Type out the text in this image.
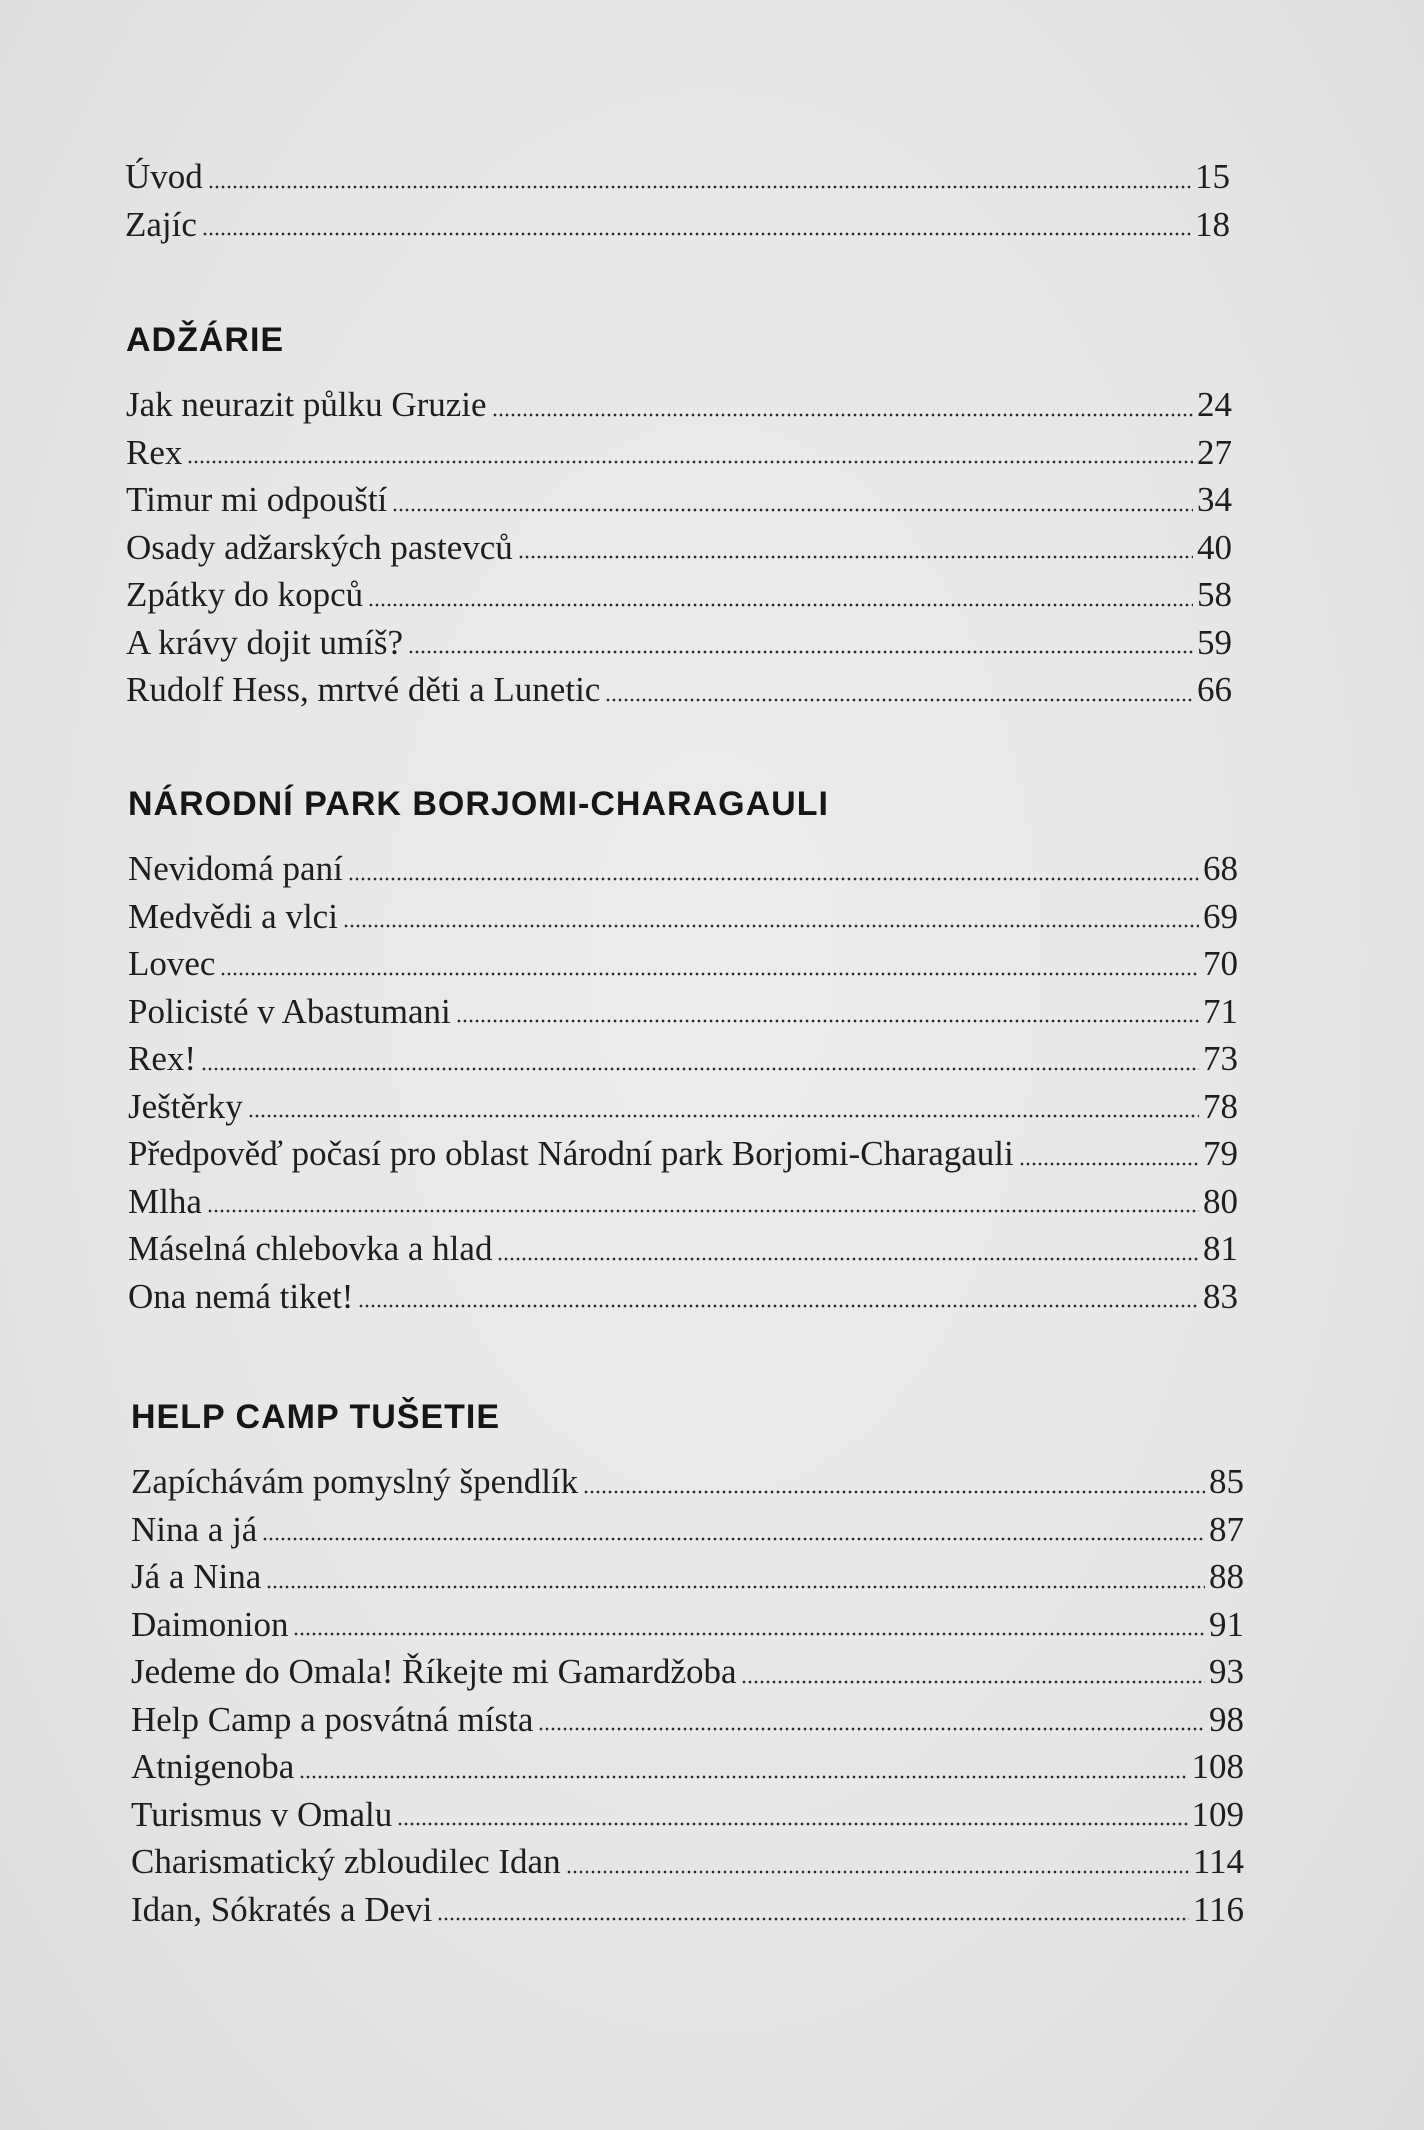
Úvod	15
Zajíc	18
ADŽÁRIE
Jak neurazit půlku Gruzie	24
Rex	27
Timur mi odpouští	34
Osady adžarských pastevců	40
Zpátky do kopců	58
A krávy dojit umíš?	59
Rudolf Hess, mrtvé děti a Lunetic	66
NÁRODNÍ PARK BORJOMI-CHARAGAULI
Nevidomá paní	68
Medvědi a vlci	69
Lovec	70
Policisté v Abastumani	71
Rex!	73
Ještěrky	78
Předpověď počasí pro oblast Národní park Borjomi-Charagauli	79
Mlha	80
Máselná chlebovka a hlad	81
Ona nemá tiket!	83
HELP CAMP TUŠETIE
Zapíchávám pomyslný špendlík	85
Nina a já	87
Já a Nina	88
Daimonion	91
Jedeme do Omala! Říkejte mi Gamardžoba	93
Help Camp a posvátná místa	98
Atnigenoba	108
Turismus v Omalu	109
Charismatický zbloudilec Idan	114
Idan, Sókratés a Devi	116
